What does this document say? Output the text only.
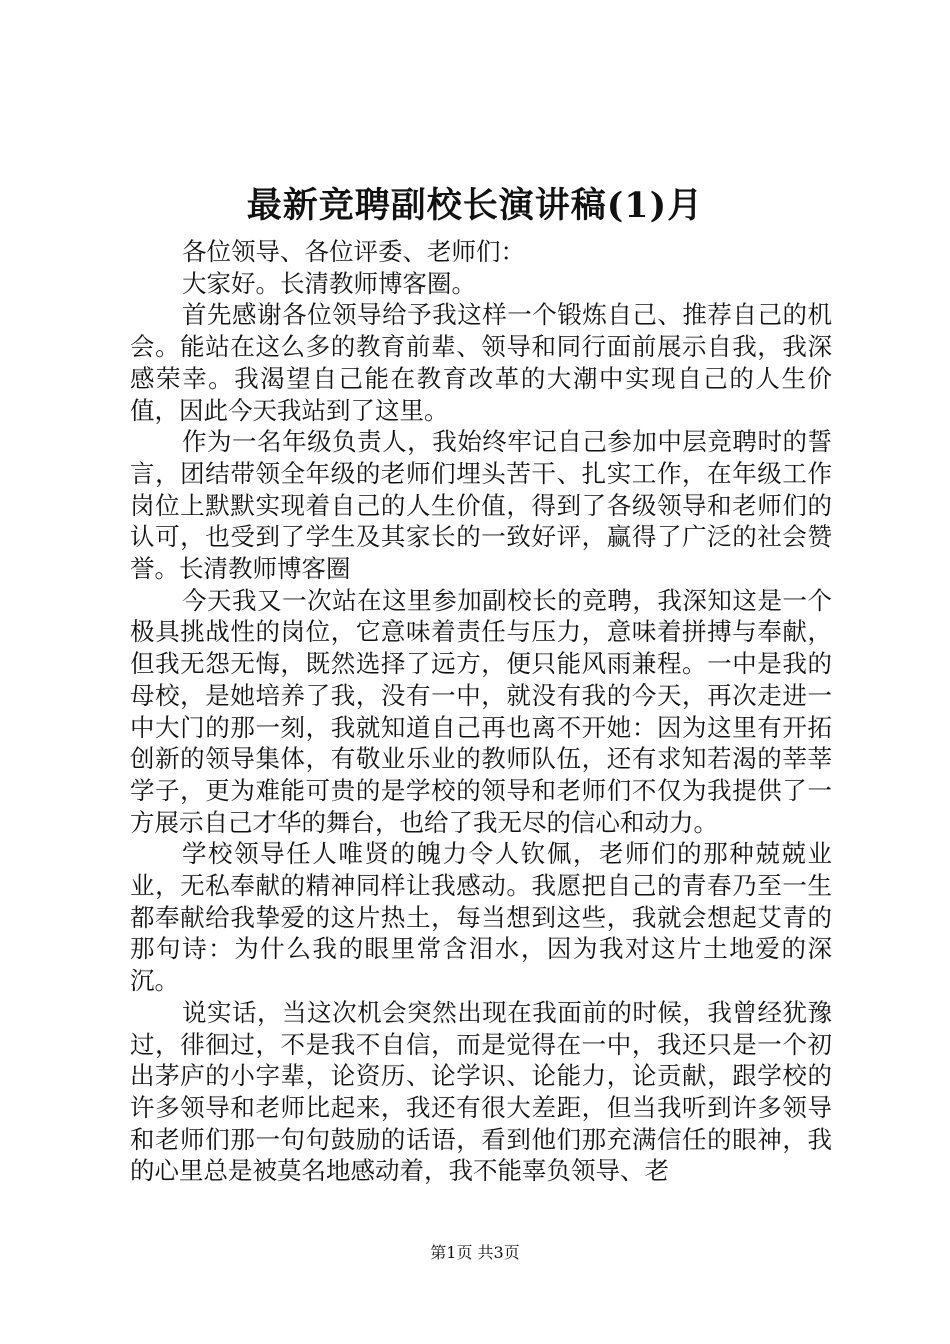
最新竞聘副校长演讲稿(1)月

各位领导、各位评委、老师们：

大家好。长清教师博客圈。

首先感谢各位领导给予我这样一个锻炼自己、推荐自己的机会。能站在这么多的教育前辈、领导和同行面前展示自我，我深感荣幸。我渴望自己能在教育改革的大潮中实现自己的人生价值，因此今天我站到了这里。

作为一名年级负责人，我始终牢记自己参加中层竞聘时的誓言，团结带领全年级的老师们埋头苦干、扎实工作，在年级工作岗位上默默实现着自己的人生价值，得到了各级领导和老师们的认可，也受到了学生及其家长的一致好评，赢得了广泛的社会赞誉。长清教师博客圈

今天我又一次站在这里参加副校长的竞聘，我深知这是一个极具挑战性的岗位，它意味着责任与压力，意味着拼搏与奉献，但我无怨无悔，既然选择了远方，便只能风雨兼程。一中是我的母校，是她培养了我，没有一中，就没有我的今天，再次走进一中大门的那一刻，我就知道自己再也离不开她：因为这里有开拓创新的领导集体，有敬业乐业的教师队伍，还有求知若渴的莘莘学子，更为难能可贵的是学校的领导和老师们不仅为我提供了一方展示自己才华的舞台，也给了我无尽的信心和动力。

学校领导任人唯贤的魄力令人钦佩，老师们的那种兢兢业业，无私奉献的精神同样让我感动。我愿把自己的青春乃至一生都奉献给我挚爱的这片热土，每当想到这些，我就会想起艾青的那句诗：为什么我的眼里常含泪水，因为我对这片土地爱的深沉。

说实话，当这次机会突然出现在我面前的时候，我曾经犹豫过，徘徊过，不是我不自信，而是觉得在一中，我还只是一个初出茅庐的小字辈，论资历、论学识、论能力，论贡献，跟学校的许多领导和老师比起来，我还有很大差距，但当我听到许多领导和老师们那一句句鼓励的话语，看到他们那充满信任的眼神，我的心里总是被莫名地感动着，我不能辜负领导、老

第1页 共3页
